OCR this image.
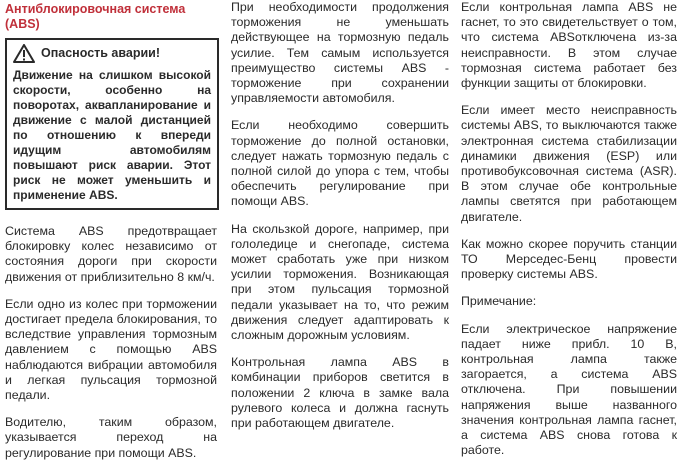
Антиблокировочная система (ABS)
Опасность аварии!

Движение на слишком высокой скорости, особенно на поворотах, аквапланирование и движение с малой дистанцией по отношению к впереди идущим автомобилям повышают риск аварии. Этот риск не может уменьшить и применение ABS.

Система ABS предотвращает блокировку колес независимо от состояния дороги при скорости движения от приблизительно 8 км/ч.

Если одно из колес при торможении достигает предела блокирования, то вследствие управления тормозным давлением с помощью ABS наблюдаются вибрации автомобиля и легкая пульсация тормозной педали.

Водителю, таким образом, указывается переход на регулирование при помощи ABS.

При необходимости продолжения торможения не уменьшать действующее на тормозную педаль усилие. Тем самым используется преимущество системы ABS - торможение при сохранении управляемости автомобиля.

Если необходимо совершить торможение до полной остановки, следует нажать тормозную педаль с полной силой до упора с тем, чтобы обеспечить регулирование при помощи ABS.

На скользкой дороге, например, при гололедице и снегопаде, система может сработать уже при низком усилии торможения. Возникающая при этом пульсация тормозной педали указывает на то, что режим движения следует адаптировать к сложным дорожным условиям.

Контрольная лампа ABS в комбинации приборов светится в положении 2 ключа в замке вала рулевого колеса и должна гаснуть при работающем двигателе.

Если контрольная лампа ABS не гаснет, то это свидетельствует о том, что система ABSотключена из-за неисправности. В этом случае тормозная система работает без функции защиты от блокировки.

Если имеет место неисправность системы ABS, то выключаются также электронная система стабилизации динамики движения (ESP) или противобуксовочная система (ASR). В этом случае обе контрольные лампы светятся при работающем двигателе.

Как можно скорее поручить станции ТО Мерседес-Бенц провести проверку системы ABS.

Примечание:

Если электрическое напряжение падает ниже прибл. 10 В, контрольная лампа также загорается, а система ABS отключена. При повышении напряжения выше названного значения контрольная лампа гаснет, а система ABS снова готова к работе.
